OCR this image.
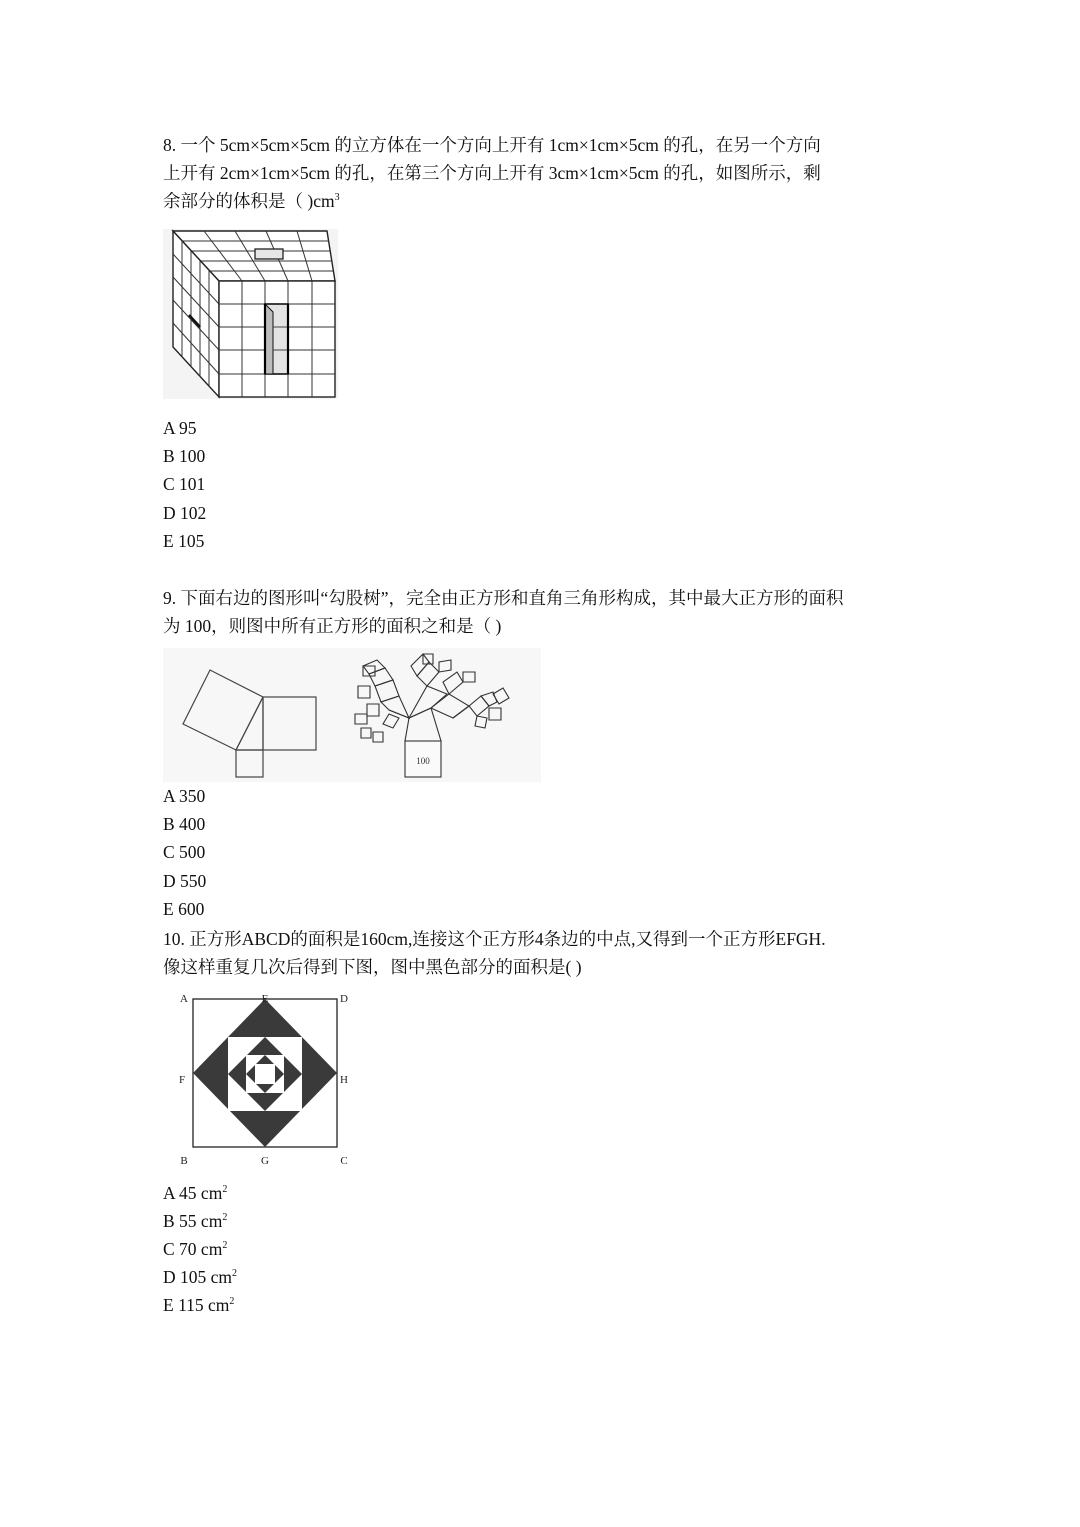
8. 一个 5cm×5cm×5cm 的立方体在一个方向上开有 1cm×1cm×5cm 的孔，在另一个方向
上开有 2cm×1cm×5cm 的孔，在第三个方向上开有 3cm×1cm×5cm 的孔，如图所示，剩
余部分的体积是（ )$cm^3$
A 95
B 100
C 101
D 102
E 105
9. 下面右边的图形叫“勾股树”，完全由正方形和直角三角形构成，其中最大正方形的面积
为 100，则图中所有正方形的面积之和是（ )
100
A 350
B 400
C 500
D 550
E 600
10. 正方形ABCD的面积是160cm,连接这个正方形4条边的中点,又得到一个正方形EFGH.
像这样重复几次后得到下图，图中黑色部分的面积是( )
A	E	D
F	H
B	G	C
A 45 $cm^2$
B 55 $cm^2$
C 70 $cm^2$
D 105 $cm^2$
E 115 $cm^2$
